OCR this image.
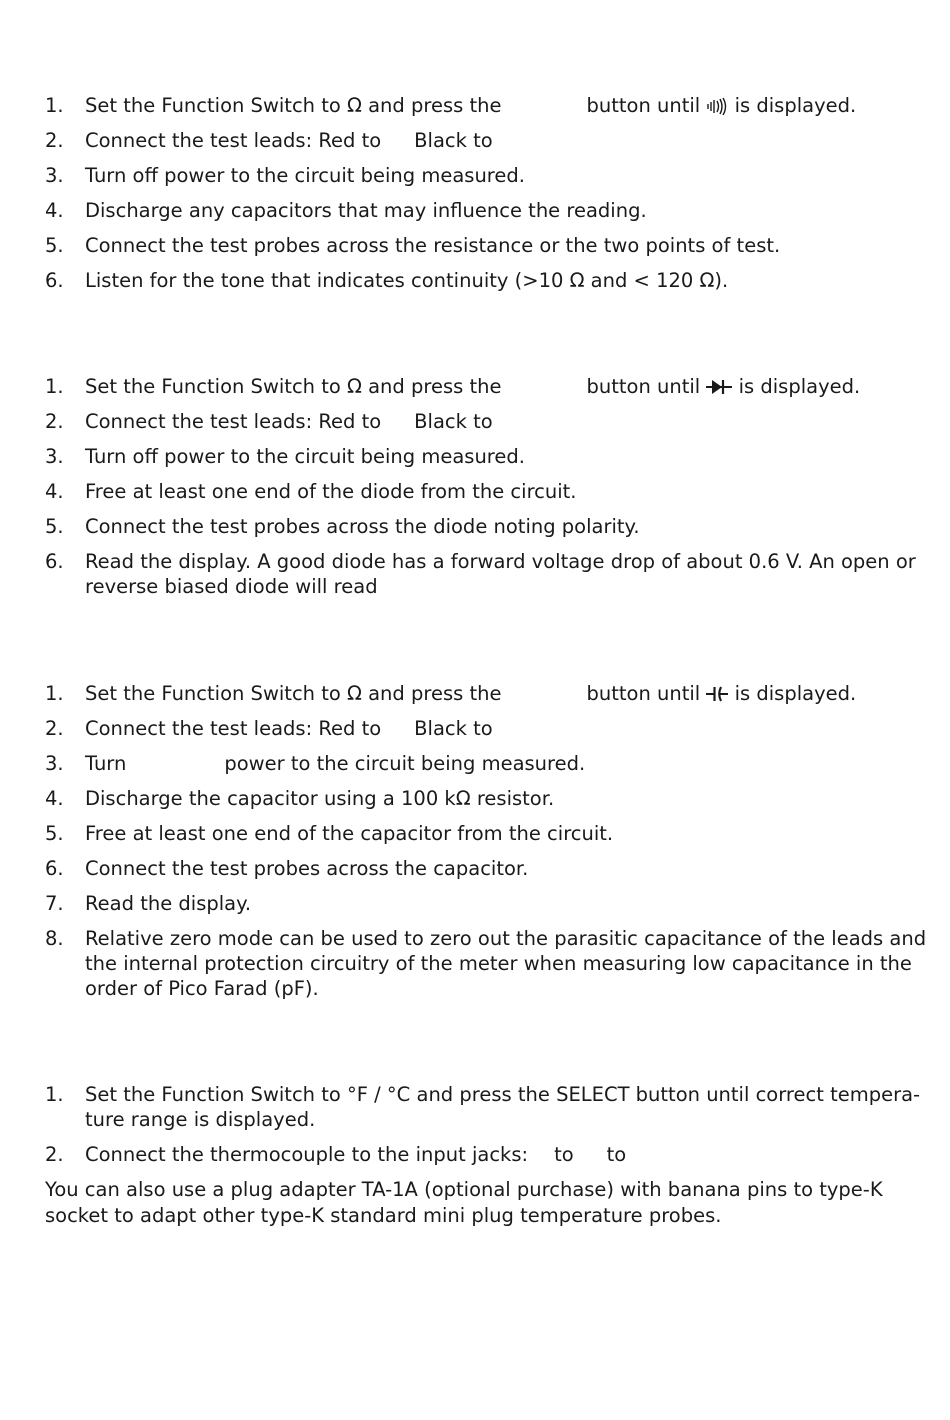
1. Set the Function Switch to Ω and press the	button until is displayed.
2. Connect the test leads: Red to Black to
3. Turn off power to the circuit being measured.
4. Discharge any capacitors that may influence the reading.
5. Connect the test probes across the resistance or the two points of test.
6. Listen for the tone that indicates continuity (>10 Ω and < 120 Ω).
1. Set the Function Switch to Ω and press the	button until is displayed.
2. Connect the test leads: Red to Black to
3. Turn off power to the circuit being measured.
4. Free at least one end of the diode from the circuit.
5. Connect the test probes across the diode noting polarity.
6. Read the display. A good diode has a forward voltage drop of about 0.6 V. An open or reverse biased diode will read
1. Set the Function Switch to Ω and press the	button until is displayed.
2. Connect the test leads: Red to Black to
3. Turn	power to the circuit being measured.
4. Discharge the capacitor using a 100 kΩ resistor.
5. Free at least one end of the capacitor from the circuit.
6. Connect the test probes across the capacitor.
7. Read the display.
8. Relative zero mode can be used to zero out the parasitic capacitance of the leads and the internal protection circuitry of the meter when measuring low capacitance in the order of Pico Farad (pF).
1. Set the Function Switch to °F / °C and press the SELECT button until correct tempera-ture range is displayed.
2. Connect the thermocouple to the input jacks: to to
You can also use a plug adapter TA-1A (optional purchase) with banana pins to type-K socket to adapt other type-K standard mini plug temperature probes.
